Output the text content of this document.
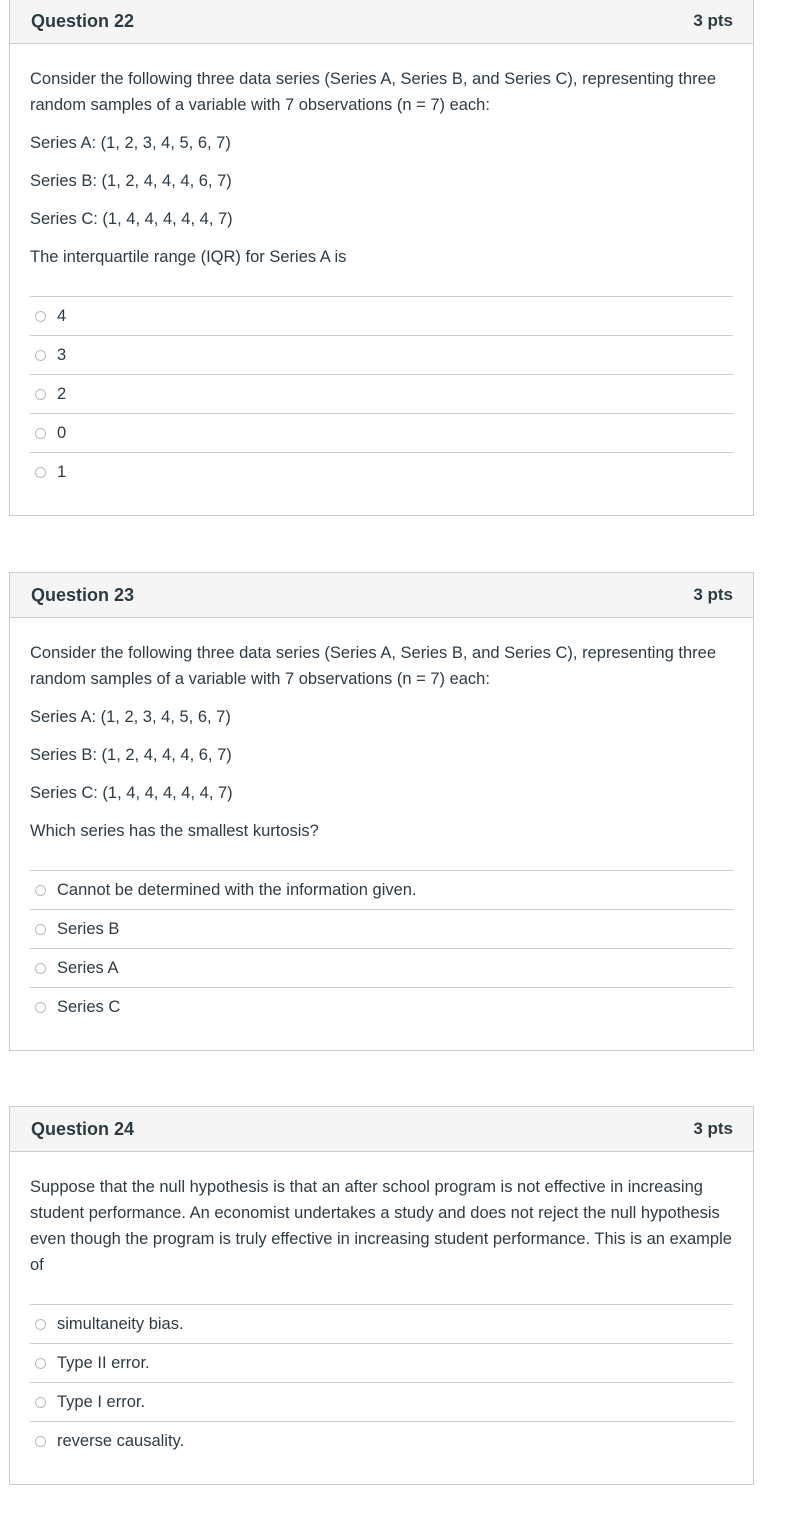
Question 22	3 pts

Consider the following three data series (Series A, Series B, and Series C), representing three random samples of a variable with 7 observations (n = 7) each:

Series A: (1, 2, 3, 4, 5, 6, 7)

Series B: (1, 2, 4, 4, 4, 6, 7)

Series C: (1, 4, 4, 4, 4, 4, 7)

The interquartile range (IQR) for Series A is

4
3
2
0
1
Question 23	3 pts

Consider the following three data series (Series A, Series B, and Series C), representing three random samples of a variable with 7 observations (n = 7) each:

Series A: (1, 2, 3, 4, 5, 6, 7)

Series B: (1, 2, 4, 4, 4, 6, 7)

Series C: (1, 4, 4, 4, 4, 4, 7)

Which series has the smallest kurtosis?

Cannot be determined with the information given.
Series B
Series A
Series C
Question 24	3 pts

Suppose that the null hypothesis is that an after school program is not effective in increasing student performance. An economist undertakes a study and does not reject the null hypothesis even though the program is truly effective in increasing student performance. This is an example of

simultaneity bias.
Type II error.
Type I error.
reverse causality.
